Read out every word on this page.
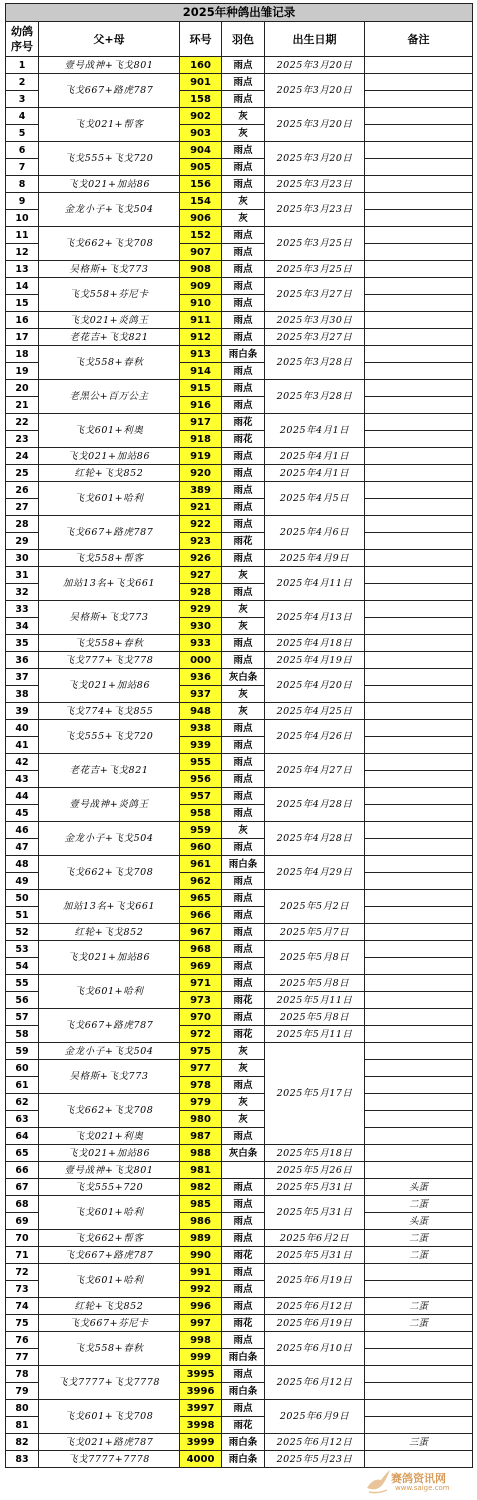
2025年种鸽出雏记录					
幼鸽序号	父+母	环号	羽色	出生日期	备注
1	壹号战神+飞戈801	160	雨点	2025年3月20日	
2	飞戈667+路虎787	901	雨点	2025年3月20日	
3		158	雨点		
4	飞戈021+帮客	902	灰	2025年3月20日	
5		903	灰		
6	飞戈555+飞戈720	904	雨点	2025年3月20日	
7		905	雨点		
8	飞戈021+加站86	156	雨点	2025年3月23日	
9	金龙小子+飞戈504	154	灰	2025年3月23日	
10		906	灰		
11	飞戈662+飞戈708	152	雨点	2025年3月25日	
12		907	雨点		
13	吴格斯+飞戈773	908	雨点	2025年3月25日	
14	飞戈558+芬尼卡	909	雨点	2025年3月27日	
15		910	雨点		
16	飞戈021+炎鸽王	911	雨点	2025年3月30日	
17	老花吉+飞戈821	912	雨点	2025年3月27日	
18	飞戈558+春秋	913	雨白条	2025年3月28日	
19		914	雨点		
20	老黑公+百万公主	915	雨点	2025年3月28日	
21		916	雨点		
22	飞戈601+利奥	917	雨花	2025年4月1日	
23		918	雨花		
24	飞戈021+加站86	919	雨点	2025年4月1日	
25	红轮+飞戈852	920	雨点	2025年4月1日	
26	飞戈601+哈利	389	雨点	2025年4月5日	
27		921	雨点		
28	飞戈667+路虎787	922	雨点	2025年4月6日	
29		923	雨花		
30	飞戈558+帮客	926	雨点	2025年4月9日	
31	加站13名+飞戈661	927	灰	2025年4月11日	
32		928	雨点		
33	吴格斯+飞戈773	929	灰	2025年4月13日	
34		930	灰		
35	飞戈558+春秋	933	雨点	2025年4月18日	
36	飞戈777+飞戈778	000	雨点	2025年4月19日	
37	飞戈021+加站86	936	灰白条	2025年4月20日	
38		937	灰		
39	飞戈774+飞戈855	948	灰	2025年4月25日	
40	飞戈555+飞戈720	938	雨点	2025年4月26日	
41		939	雨点		
42	老花吉+飞戈821	955	雨点	2025年4月27日	
43		956	雨点		
44	壹号战神+炎鸽王	957	雨点	2025年4月28日	
45		958	雨点		
46	金龙小子+飞戈504	959	灰	2025年4月28日	
47		960	雨点		
48	飞戈662+飞戈708	961	雨白条	2025年4月29日	
49		962	雨点		
50	加站13名+飞戈661	965	雨点	2025年5月2日	
51		966	雨点		
52	红轮+飞戈852	967	雨点	2025年5月7日	
53	飞戈021+加站86	968	雨点	2025年5月8日	
54		969	雨点		
55	飞戈601+哈利	971	雨点	2025年5月8日	
56		973	雨花	2025年5月11日	
57	飞戈667+路虎787	970	雨点	2025年5月8日	
58		972	雨花	2025年5月11日	
59	金龙小子+飞戈504	975	灰	2025年5月17日	
60	吴格斯+飞戈773	977	灰		
61		978	雨点		
62	飞戈662+飞戈708	979	灰		
63		980	灰		
64	飞戈021+利奥	987	雨点		
65	飞戈021+加站86	988	灰白条	2025年5月18日	
66	壹号战神+飞戈801	981		2025年5月26日	
67	飞戈555+720	982	雨点	2025年5月31日	头蛋
68	飞戈601+哈利	985	雨点	2025年5月31日	二蛋
69		986	雨点		头蛋
70	飞戈662+帮客	989	雨点	2025年6月2日	二蛋
71	飞戈667+路虎787	990	雨花	2025年5月31日	二蛋
72	飞戈601+哈利	991	雨点	2025年6月19日	
73		992	雨点		
74	红轮+飞戈852	996	雨点	2025年6月12日	二蛋
75	飞戈667+芬尼卡	997	雨花	2025年6月19日	二蛋
76	飞戈558+春秋	998	雨点	2025年6月10日	
77		999	雨白条		
78	飞戈7777+飞戈7778	3995	雨点	2025年6月12日	
79		3996	雨白条		
80	飞戈601+飞戈708	3997	雨点	2025年6月9日	
81		3998	雨花		
82	飞戈021+路虎787	3999	雨白条	2025年6月12日	三蛋
83	飞戈7777+7778	4000	雨白条	2025年5月23日	
赛鸽资讯网
www.saige.com
